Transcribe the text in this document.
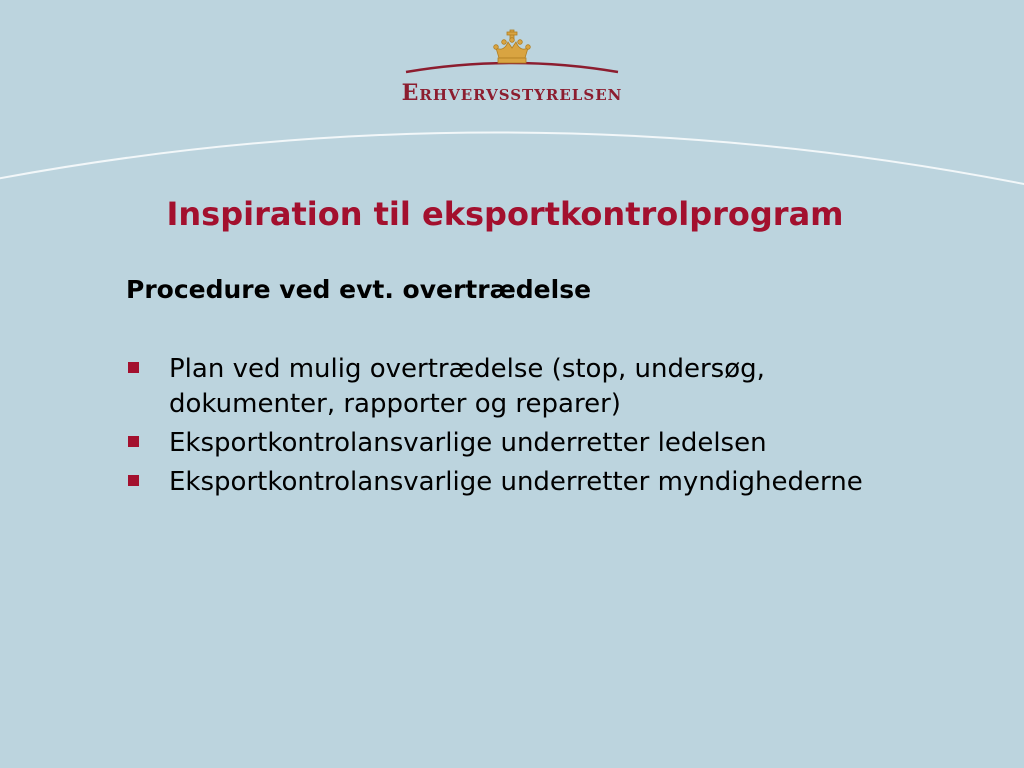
Erhvervsstyrelsen
Inspiration til eksportkontrolprogram
Procedure ved evt. overtrædelse
Plan ved mulig overtrædelse (stop, undersøg, dokumenter, rapporter og reparer)
Eksportkontrolansvarlige underretter ledelsen
Eksportkontrolansvarlige underretter myndighederne
